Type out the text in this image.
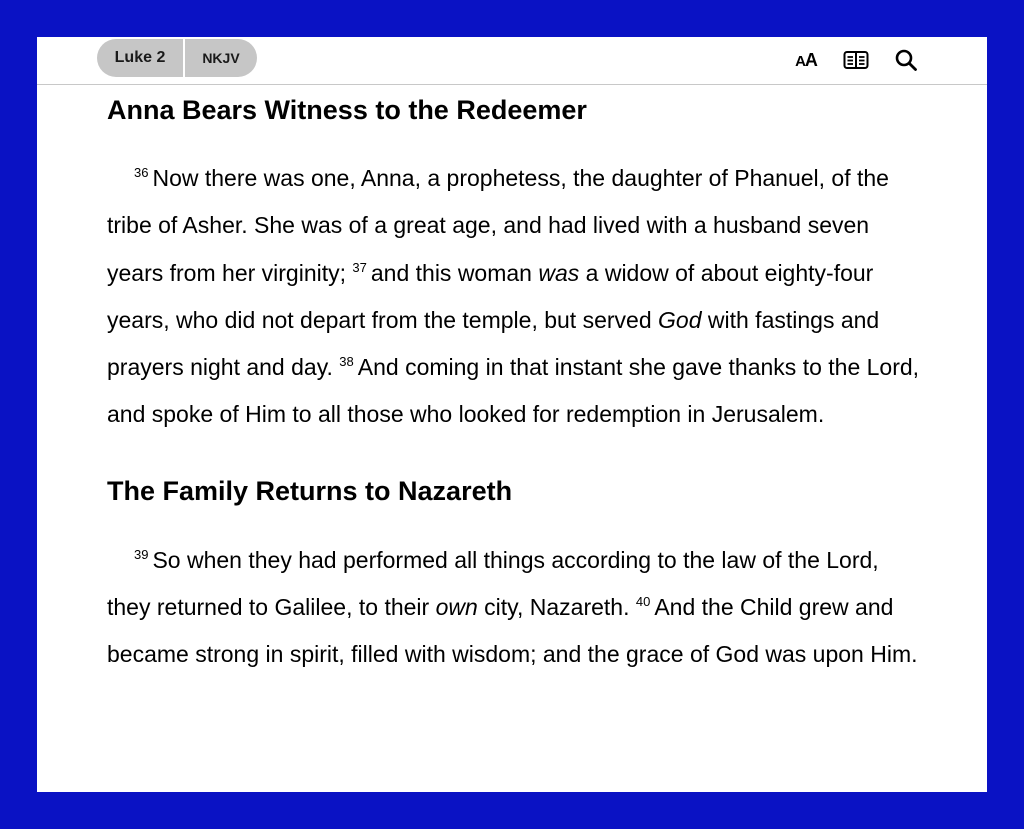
Luke 2	NKJV	AA
Anna Bears Witness to the Redeemer

$^{36}$ Now there was one, Anna, a prophetess, the daughter of Phanuel, of the tribe of Asher. She was of a great age, and had lived with a husband seven years from her virginity; $^{37}$ and this woman was a widow of about eighty-four years, who did not depart from the temple, but served God with fastings and prayers night and day. $^{38}$ And coming in that instant she gave thanks to the Lord, and spoke of Him to all those who looked for redemption in Jerusalem.

The Family Returns to Nazareth

$^{39}$ So when they had performed all things according to the law of the Lord, they returned to Galilee, to their own city, Nazareth. $^{40}$ And the Child grew and became strong in spirit, filled with wisdom; and the grace of God was upon Him.
